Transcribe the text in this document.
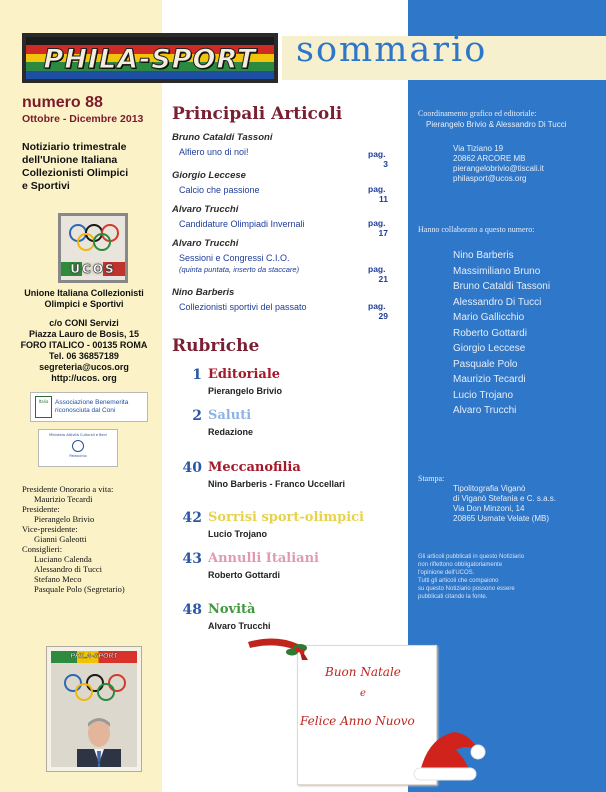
PHILA-SPORT	sommario
numero 88
Ottobre - Dicembre 2013
Notiziario trimestrale
dell'Unione Italiana
Collezionisti Olimpici
e Sportivi
UCOS

Unione Italiana Collezionisti

Olimpici e Sportivi

c/o CONI Servizi

Piazza Lauro de Bosis, 15

FORO ITALICO - 00135 ROMA

Tel. 06 36857189

segreteria@ucos.org

http://ucos. org

Italia	Associazione Benemerita
riconosciuta dal Coni
Ministero Attività Culturali e Beni
Patrocinio
Presidente Onorario a vita:
Maurizio Tecardi
Presidente:
Pierangelo Brivio
Vice-presidente:
Gianni Galeotti
Consiglieri:
Luciano Calenda
Alessandro di Tucci
Stefano Meco
Pasquale Polo (Segretario)
PHILA-SPORT
PHILA-SPORT 88
Principali Articoli
Bruno Cataldi Tassoni
Alfiero uno di noi!	pag. 3
Giorgio Leccese
Calcio che passione	pag. 11
Alvaro Trucchi
Candidature Olimpiadi Invernali	pag. 17
Alvaro Trucchi
Sessioni e Congressi C.I.O.
(quinta puntata, inserto da staccare)	pag. 21
Nino Barberis
Collezionisti sportivi del passato	pag. 29
Rubriche
1 Editoriale
Pierangelo Brivio
2 Saluti
Redazione
40 Meccanofilia
Nino Barberis - Franco Uccellari
42 Sorrisi sport-olimpici
Lucio Trojano
43 Annulli Italiani
Roberto Gottardi
48 Novità
Alvaro Trucchi
Buon Natale
e
Felice Anno Nuovo
Coordinamento grafico ed editoriale:
Pierangelo Brivio & Alessandro Di Tucci
Via Tiziano 19
20862 ARCORE MB
pierangelobrivio@tiscali.it
philasport@ucos.org
Hanno collaborato a questo numero:
Nino Barberis
Massimiliano Bruno
Bruno Cataldi Tassoni
Alessandro Di Tucci
Mario Gallicchio
Roberto Gottardi
Giorgio Leccese
Pasquale Polo
Maurizio Tecardi
Lucio Trojano
Alvaro Trucchi
Stampa:
Tipolitografia Viganò
di Viganò Stefania e C. s.a.s.
Via Don Minzoni, 14
20865 Usmate Velate (MB)
Gli articoli pubblicati in questo Notiziario
non riflettono obbligatoriamente
l'opinione dell'UCOS.
Tutti gli articoli che compaiono
su questo Notiziario possono essere
pubblicati citando la fonte.
